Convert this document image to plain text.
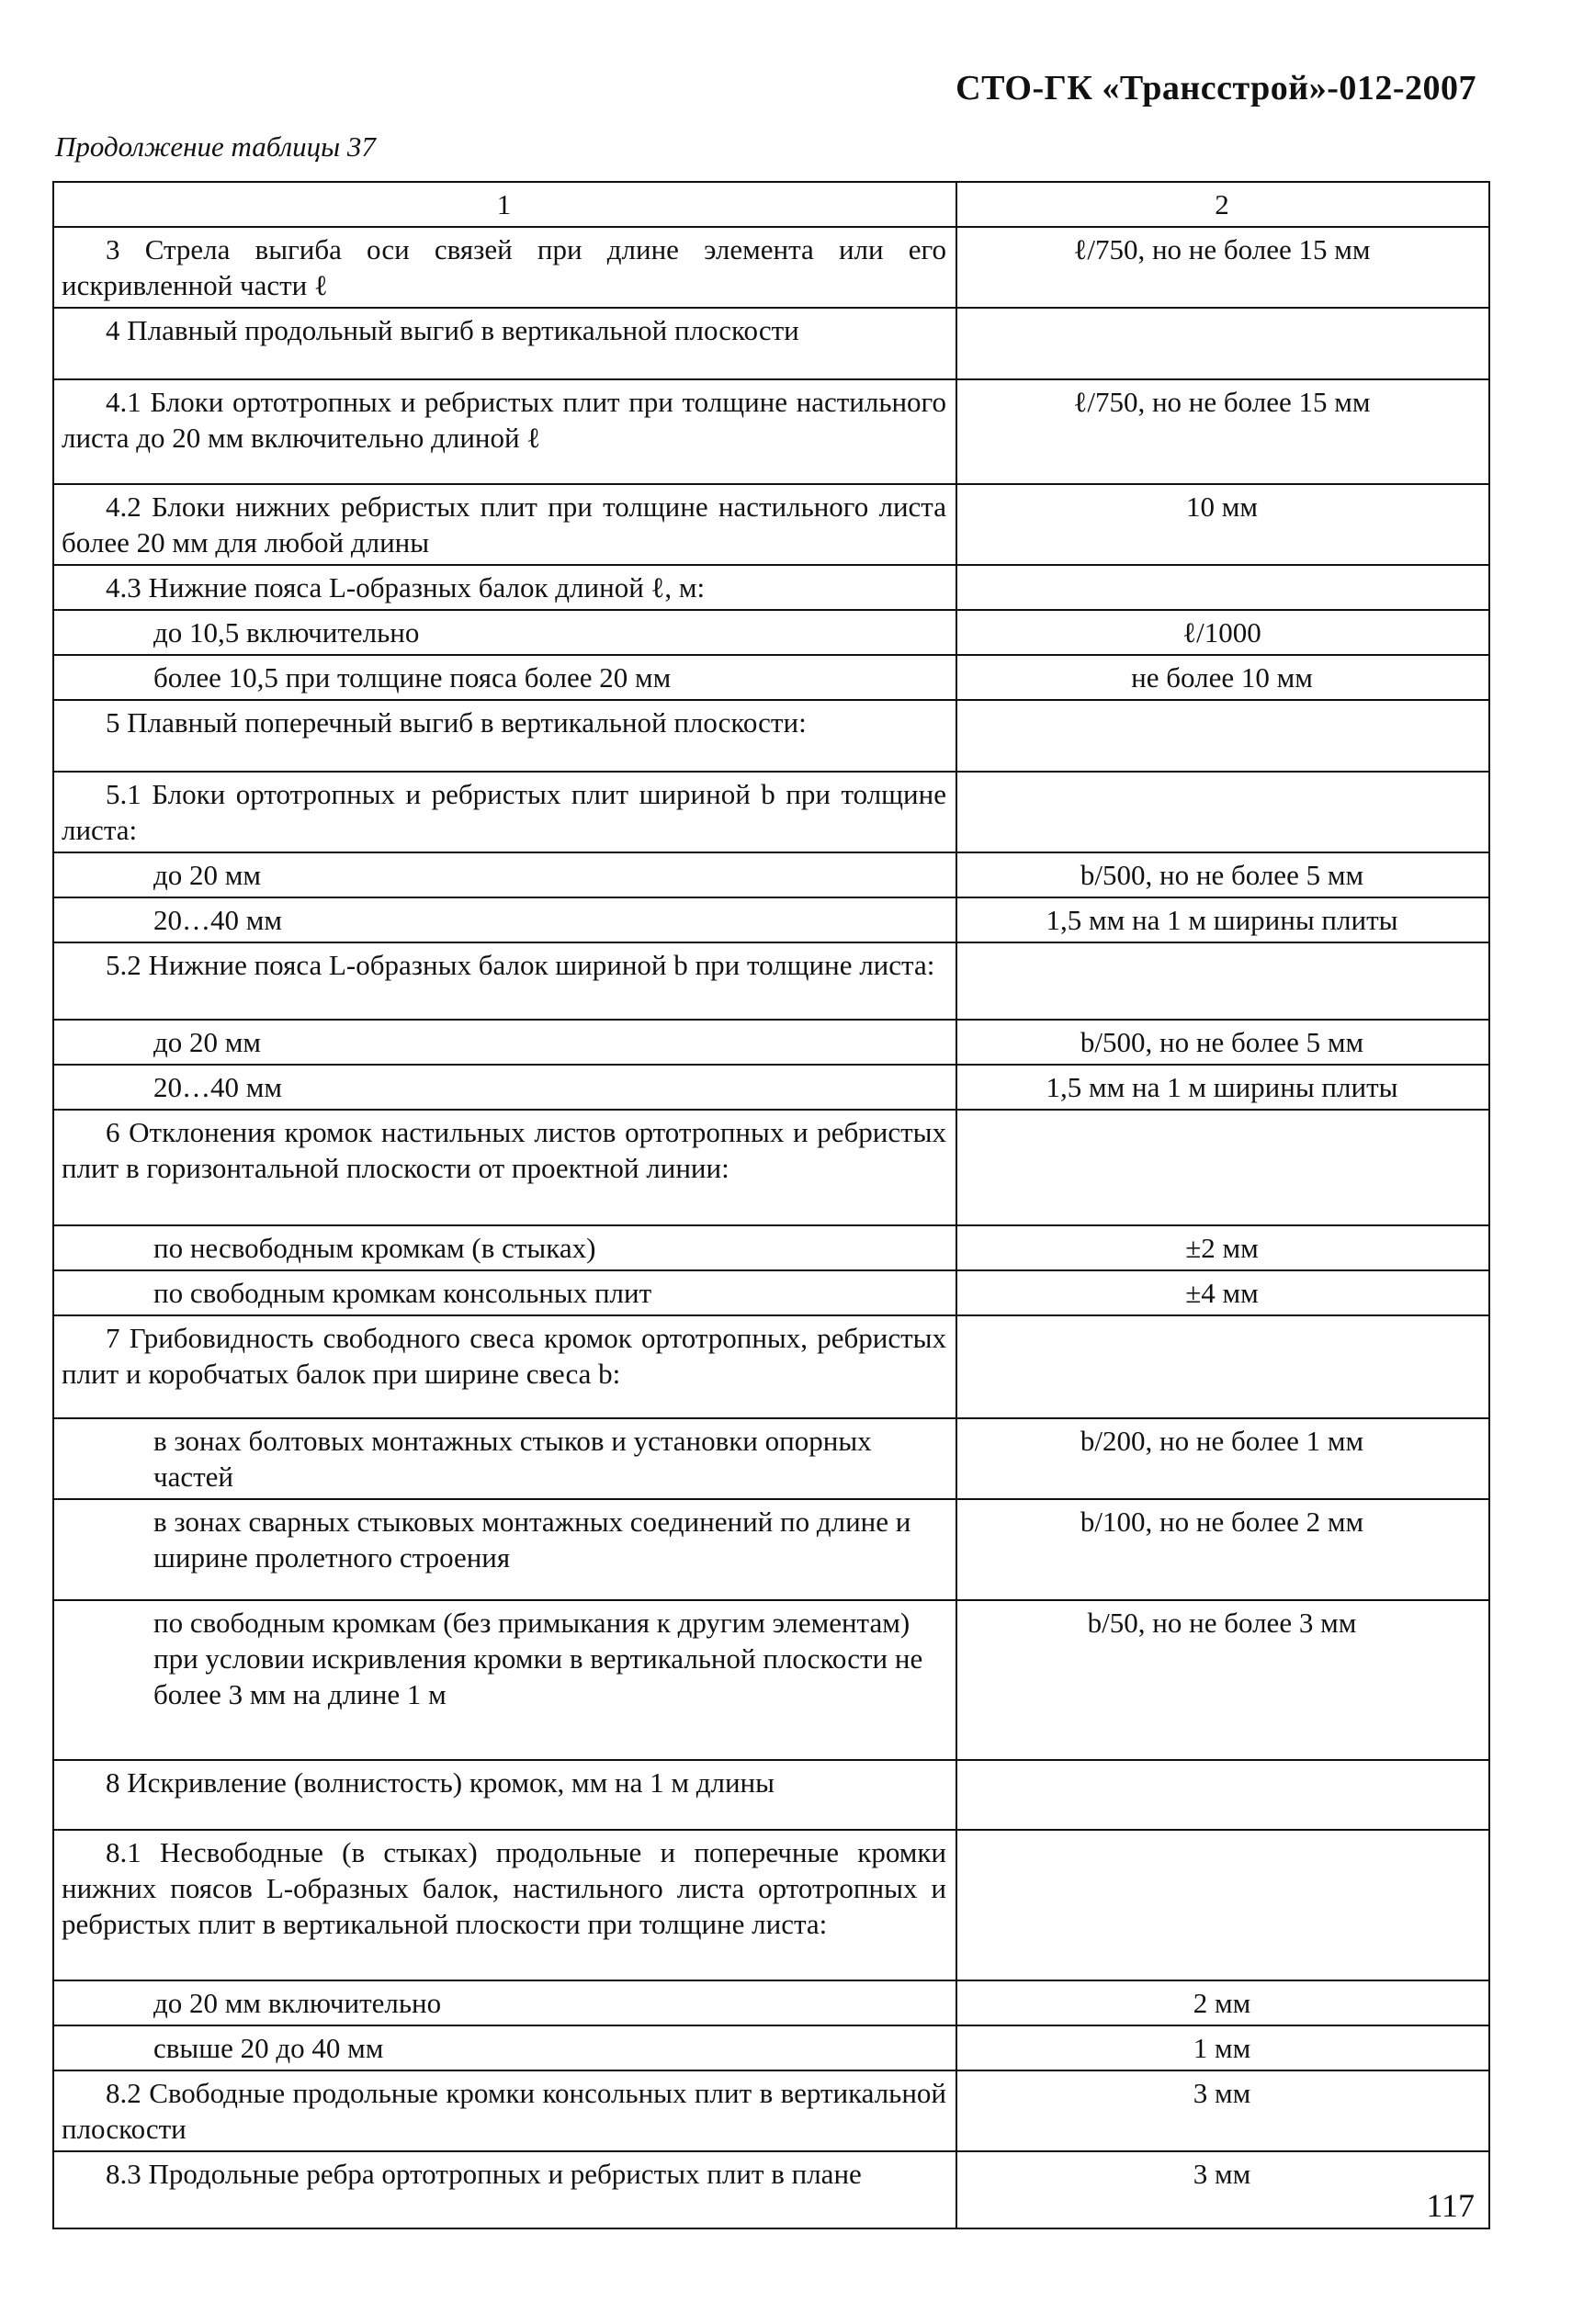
СТО-ГК «Трансстрой»-012-2007
Продолжение таблицы 37
1	2
3 Стрела выгиба оси связей при длине элемента или его искривленной части ℓ	ℓ/750, но не более 15 мм
4 Плавный продольный выгиб в вертикальной плоскости	
4.1 Блоки ортотропных и ребристых плит при толщине настильного листа до 20 мм включительно длиной ℓ	ℓ/750, но не более 15 мм
4.2 Блоки нижних ребристых плит при толщине настильного листа более 20 мм для любой длины	10 мм
4.3 Нижние пояса L-образных балок длиной ℓ, м:	
до 10,5 включительно	ℓ/1000
более 10,5 при толщине пояса более 20 мм	не более 10 мм
5 Плавный поперечный выгиб в вертикальной плоскости:	
5.1 Блоки ортотропных и ребристых плит шириной b при толщине листа:	
до 20 мм	b/500, но не более 5 мм
20…40 мм	1,5 мм на 1 м ширины плиты
5.2 Нижние пояса L-образных балок шириной b при толщине листа:	
до 20 мм	b/500, но не более 5 мм
20…40 мм	1,5 мм на 1 м ширины плиты
6 Отклонения кромок настильных листов ортотропных и ребристых плит в горизонтальной плоскости от проектной линии:	
по несвободным кромкам (в стыках)	±2 мм
по свободным кромкам консольных плит	±4 мм
7 Грибовидность свободного свеса кромок ортотропных, ребристых плит и коробчатых балок при ширине свеса b:	
в зонах болтовых монтажных стыков и установки опорных частей	b/200, но не более 1 мм
в зонах сварных стыковых монтажных соединений по длине и ширине пролетного строения	b/100, но не более 2 мм
по свободным кромкам (без примыкания к другим элементам) при условии искривления кромки в вертикальной плоскости не более 3 мм на длине 1 м	b/50, но не более 3 мм
8 Искривление (волнистость) кромок, мм на 1 м длины	
8.1 Несвободные (в стыках) продольные и поперечные кромки нижних поясов L-образных балок, настильного листа ортотропных и ребристых плит в вертикальной плоскости при толщине листа:	
до 20 мм включительно	2 мм
свыше 20 до 40 мм	1 мм
8.2 Свободные продольные кромки консольных плит в вертикальной плоскости	3 мм
8.3 Продольные ребра ортотропных и ребристых плит в плане	3 мм
117
